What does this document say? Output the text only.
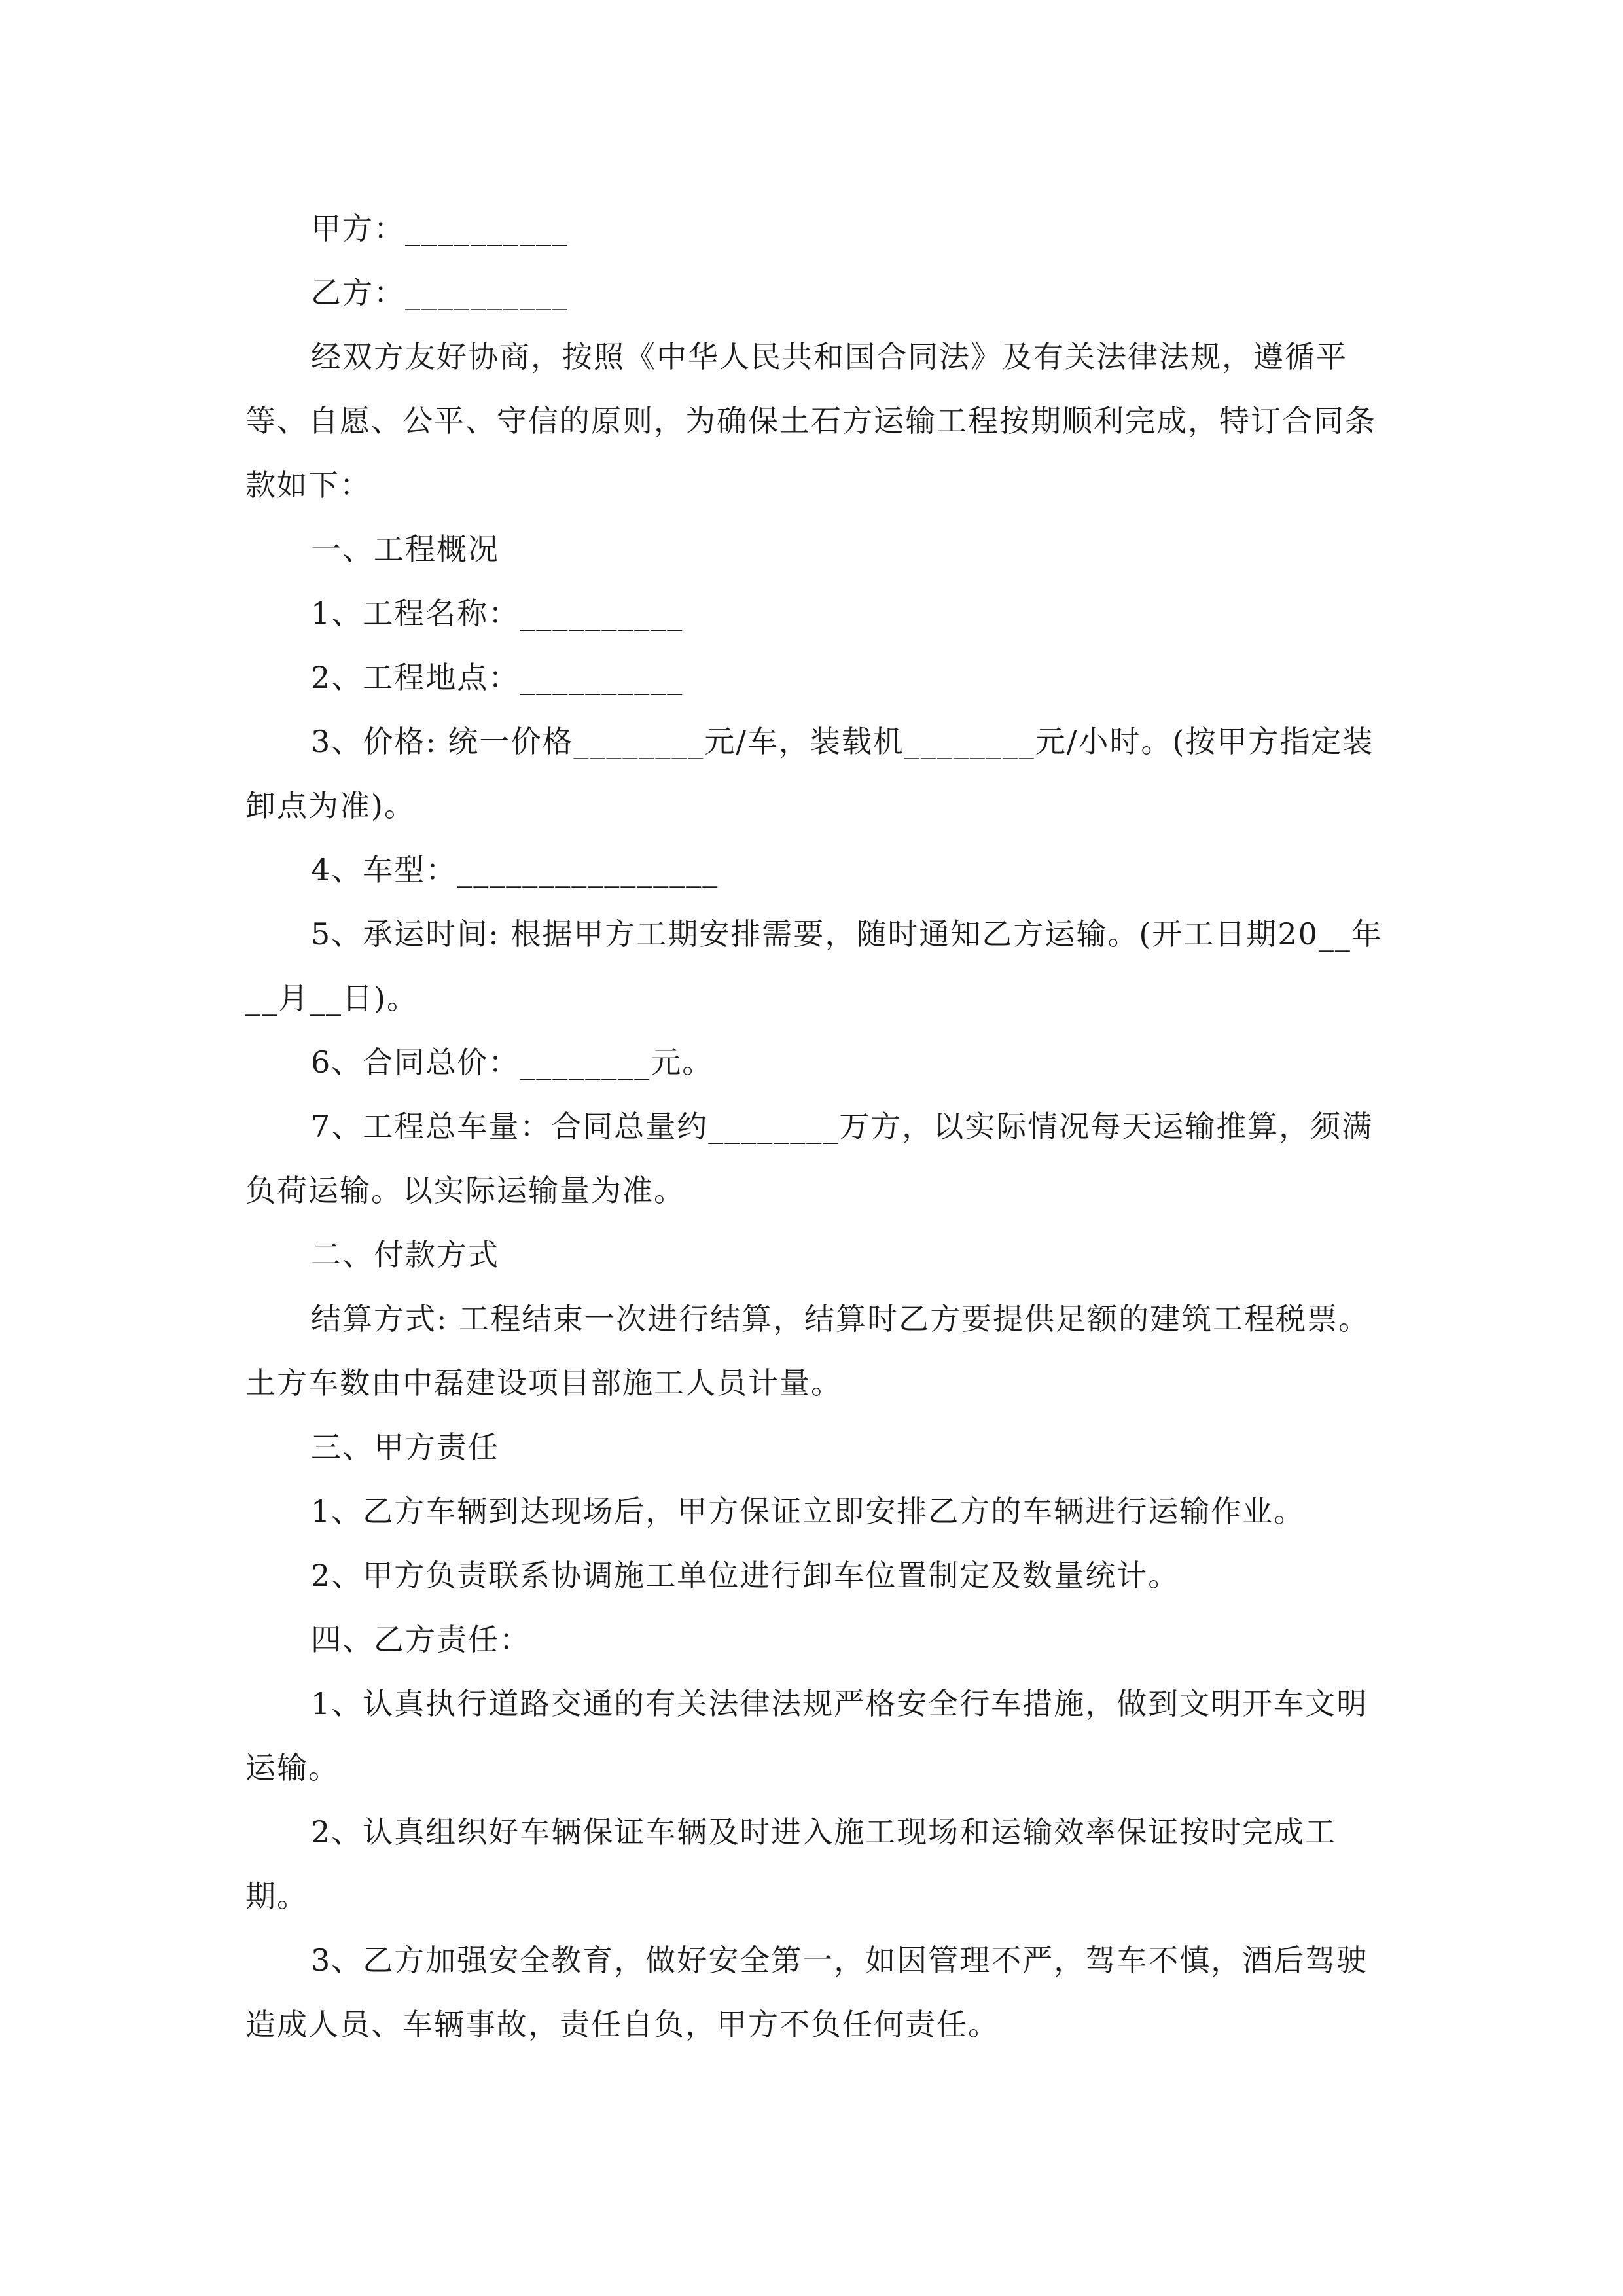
甲方：__________

乙方：__________

经双方友好协商，按照《中华人民共和国合同法》及有关法律法规，遵循平等、自愿、公平、守信的原则，为确保土石方运输工程按期顺利完成，特订合同条款如下：

一、工程概况

1、工程名称：__________

2、工程地点：__________

3、价格: 统一价格________元/车，装载机________元/小时。(按甲方指定装卸点为准)。

4、车型：________________

5、承运时间: 根据甲方工期安排需要，随时通知乙方运输。(开工日期20__年__月__日)。

6、合同总价：________元。

7、工程总车量：合同总量约________万方，以实际情况每天运输推算，须满负荷运输。以实际运输量为准。

二、付款方式

结算方式: 工程结束一次进行结算，结算时乙方要提供足额的建筑工程税票。土方车数由中磊建设项目部施工人员计量。

三、甲方责任

1、乙方车辆到达现场后，甲方保证立即安排乙方的车辆进行运输作业。

2、甲方负责联系协调施工单位进行卸车位置制定及数量统计。

四、乙方责任：

1、认真执行道路交通的有关法律法规严格安全行车措施，做到文明开车文明运输。

2、认真组织好车辆保证车辆及时进入施工现场和运输效率保证按时完成工期。

3、乙方加强安全教育，做好安全第一，如因管理不严，驾车不慎，酒后驾驶造成人员、车辆事故，责任自负，甲方不负任何责任。
